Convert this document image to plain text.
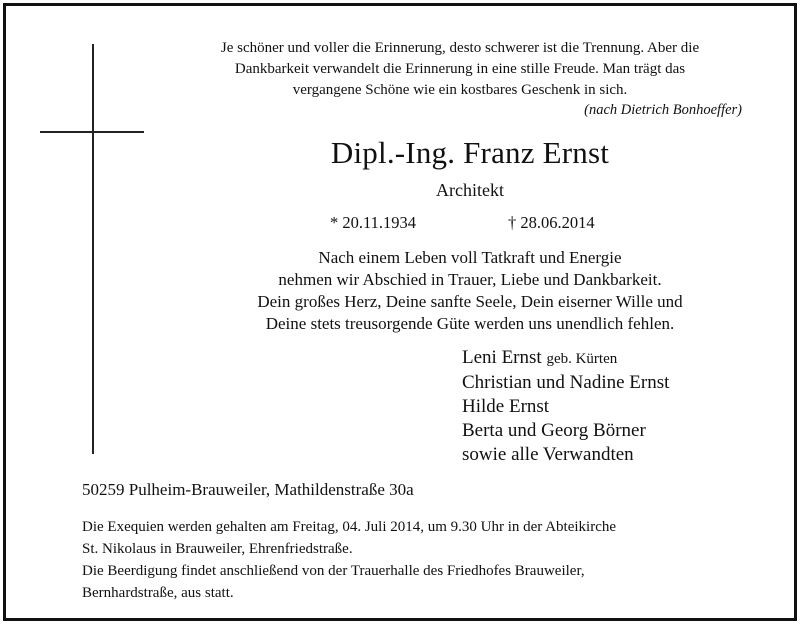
Je schöner und voller die Erinnerung, desto schwerer ist die Trennung. Aber die
Dankbarkeit verwandelt die Erinnerung in eine stille Freude. Man trägt das
vergangene Schöne wie ein kostbares Geschenk in sich.
(nach Dietrich Bonhoeffer)
Dipl.-Ing. Franz Ernst
Architekt
* 20.11.1934	† 28.06.2014
Nach einem Leben voll Tatkraft und Energie
nehmen wir Abschied in Trauer, Liebe und Dankbarkeit.
Dein großes Herz, Deine sanfte Seele, Dein eiserner Wille und
Deine stets treusorgende Güte werden uns unendlich fehlen.
Leni Ernst geb. Kürten
Christian und Nadine Ernst
Hilde Ernst
Berta und Georg Börner
sowie alle Verwandten
50259 Pulheim-Brauweiler, Mathildenstraße 30a
Die Exequien werden gehalten am Freitag, 04. Juli 2014, um 9.30 Uhr in der Abteikirche
St. Nikolaus in Brauweiler, Ehrenfriedstraße.
Die Beerdigung findet anschließend von der Trauerhalle des Friedhofes Brauweiler,
Bernhardstraße, aus statt.
